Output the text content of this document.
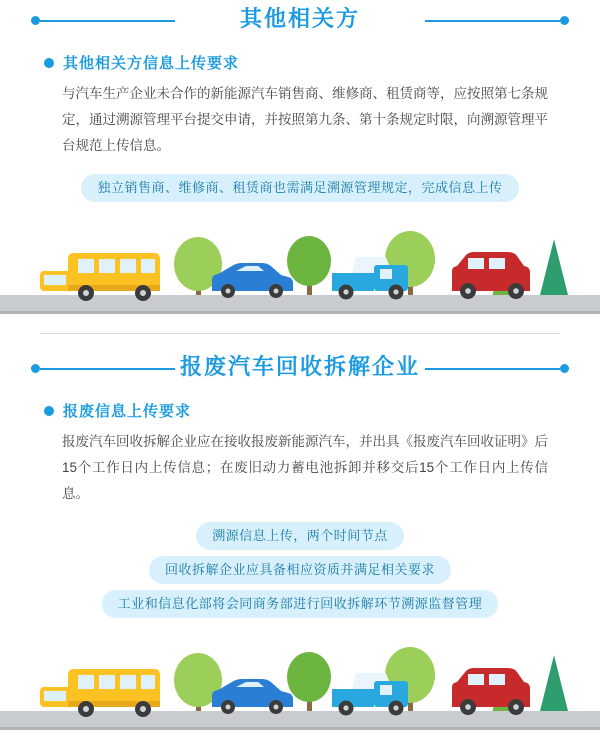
其他相关方
其他相关方信息上传要求

与汽车生产企业未合作的新能源汽车销售商、维修商、租赁商等，应按照第七条规定，通过溯源管理平台提交申请，并按照第九条、第十条规定时限，向溯源管理平台规范上传信息。

独立销售商、维修商、租赁商也需满足溯源管理规定，完成信息上传
报废汽车回收拆解企业
报废信息上传要求

报废汽车回收拆解企业应在接收报废新能源汽车，并出具《报废汽车回收证明》后15个工作日内上传信息；在废旧动力蓄电池拆卸并移交后15个工作日内上传信息。

溯源信息上传，两个时间节点
回收拆解企业应具备相应资质并满足相关要求
工业和信息化部将会同商务部进行回收拆解环节溯源监督管理
